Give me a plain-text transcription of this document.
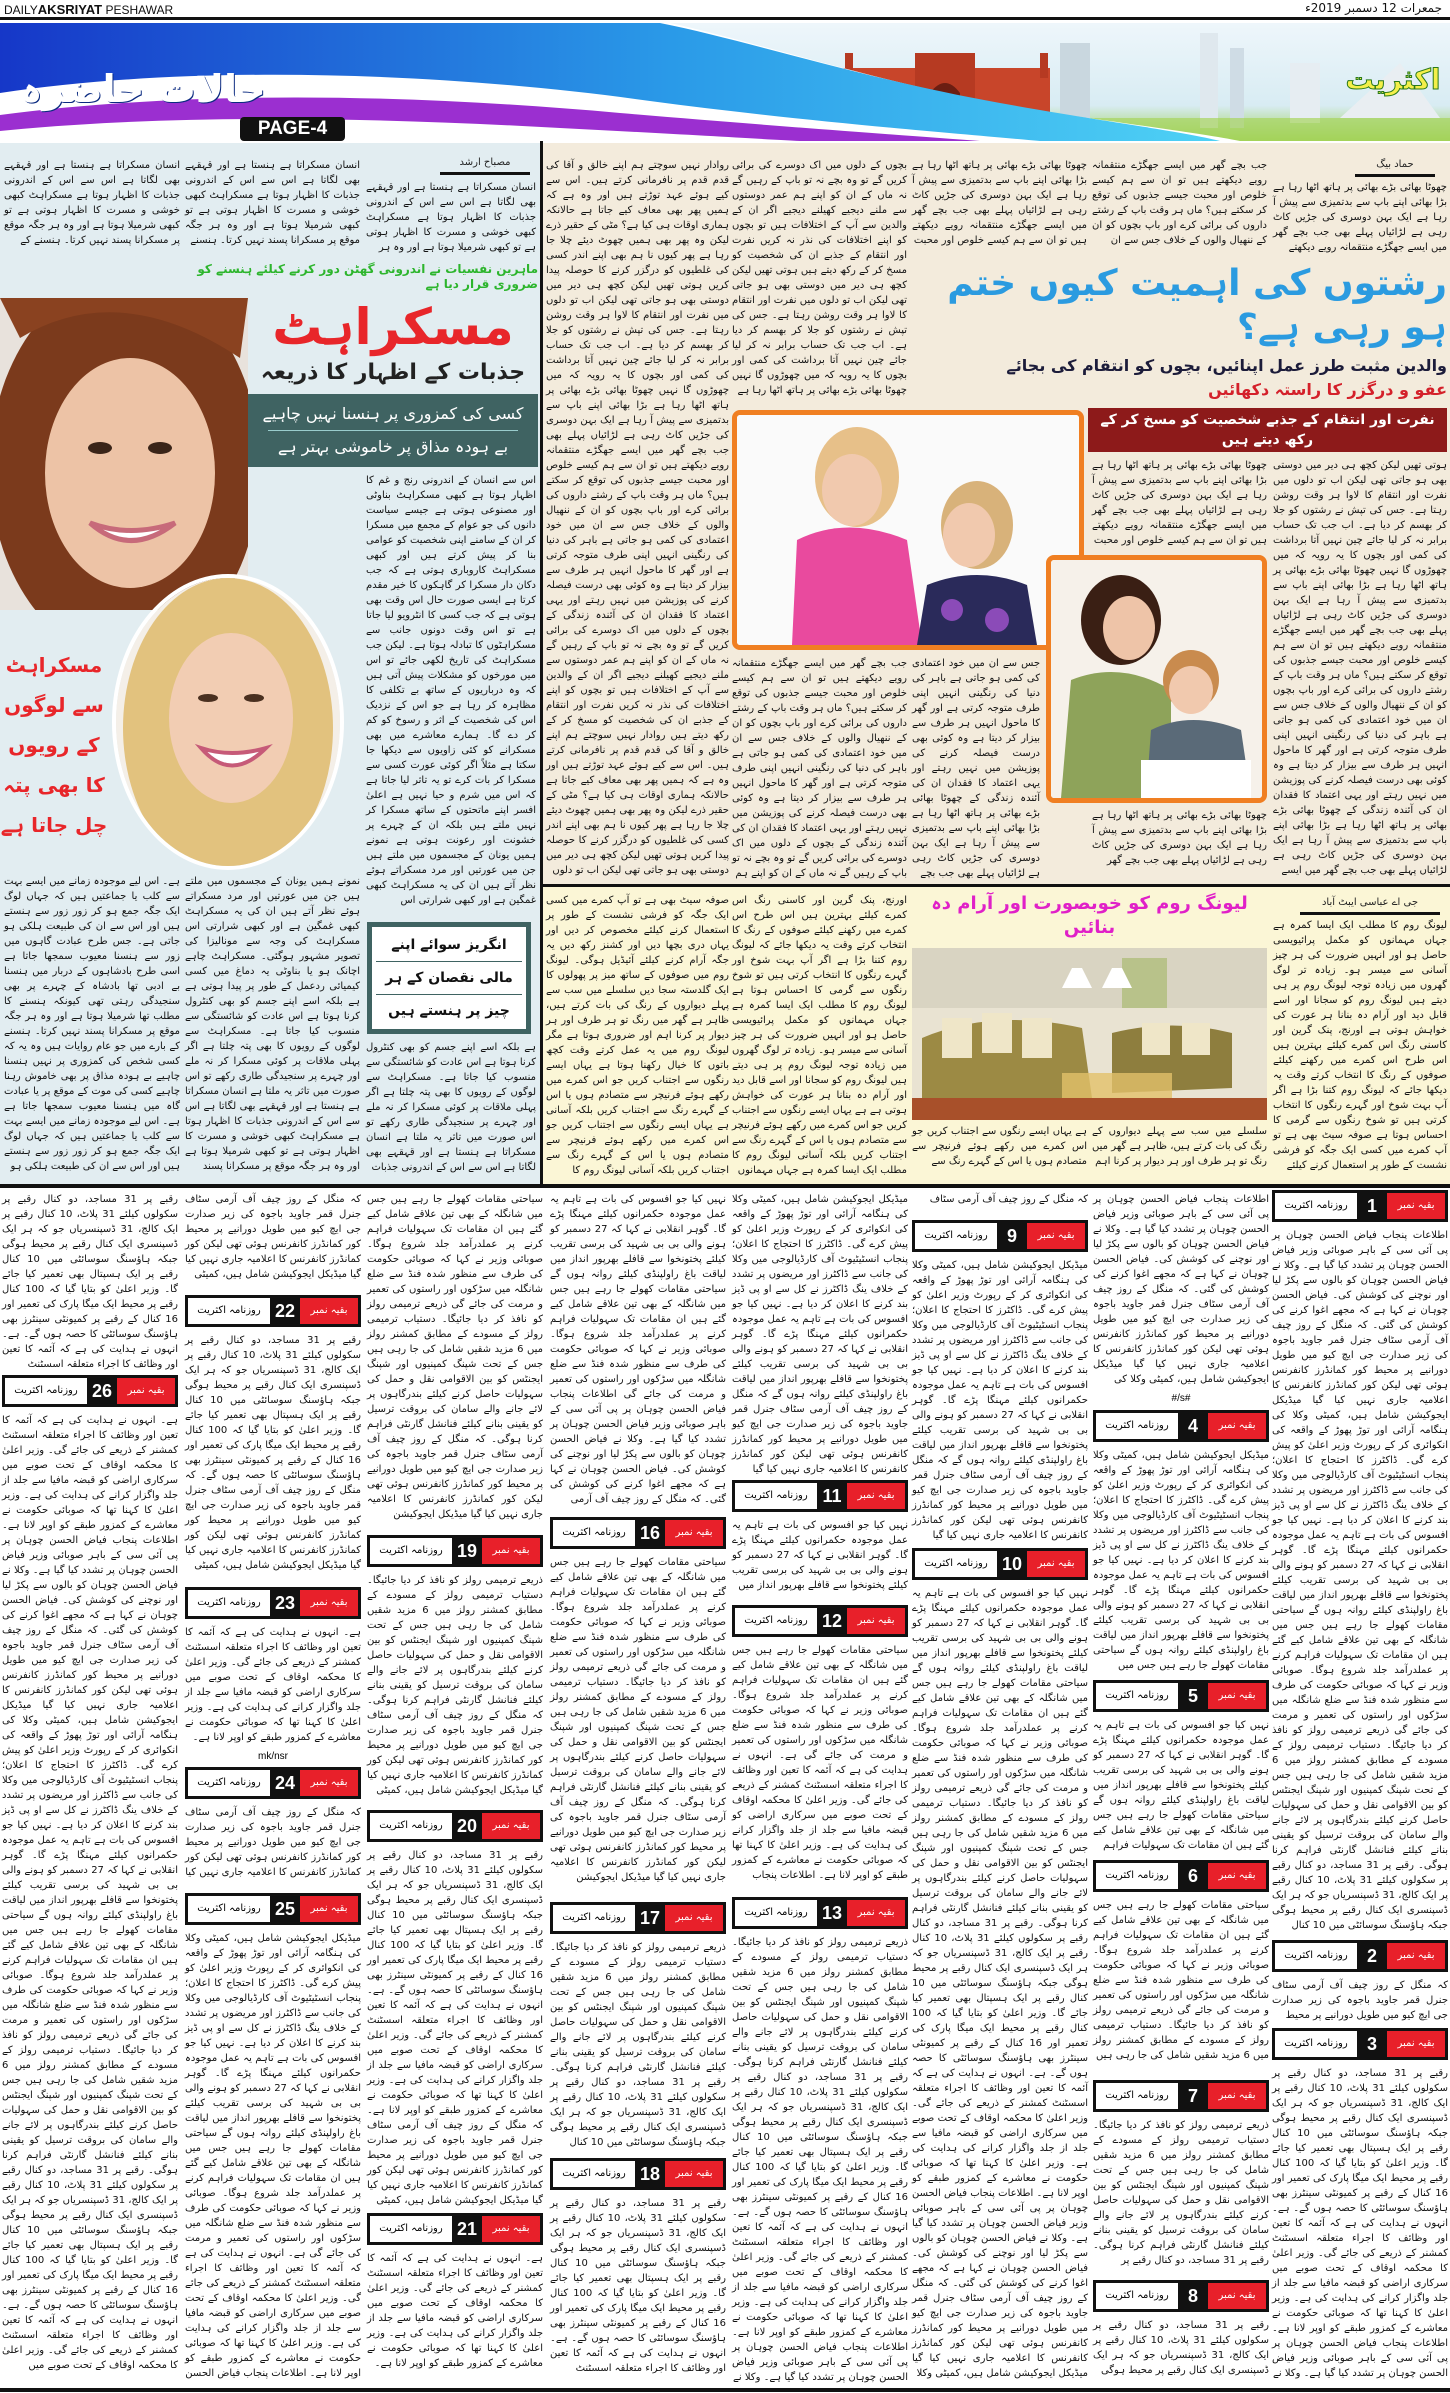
DAILYAKSRIYAT PESHAWAR	جمعرات 12 دسمبر 2019ء
حالات حاضرہ	اکثریت
PAGE-4
مصباح ارشد
ماہرین نفسیات نے اندرونی گھٹن دور کرنے کیلئے ہنسنے کو ضروری قرار دیا ہے
مسکراہٹ
جذبات کے اظہار کا ذریعہ
کسی کی کمزوری پر ہنسنا نہیں چاہیے
بے ہودہ مذاق پر خاموشی بہتر ہے
مسکراہٹ
سے لوگوں
کے رویوں
کا بھی پتہ
چل جاتا ہے
انگریز سوائے اپنے
مالی نقصان کے ہر
چیز پر ہنستے ہیں
حماد بیگ
رشتوں کی اہمیت کیوں ختم ہو رہی ہے؟
والدین مثبت طرز عمل اپنائیں، بچوں کو انتقام کی بجائے
عفو و درگزر کا راستہ دکھائیں
نفرت اور انتقام کے جذبے شخصیت کو مسخ کر کے رکھ دیتے ہیں
جی اے عباسی ایبٹ آباد
لیونگ روم کو خوبصورت اور آرام دہ بنائیں
اس سے انسان کے اندرونی رنج و غم کا اظہار ہوتا ہے کبھی مسکراہٹ بناوٹی اور مصنوعی ہوتی ہے جیسے سیاست دانوں کی جو عوام کے مجمع میں مسکرا کر ان کے سامنے اپنی شخصیت کو عوامی بنا کر پیش کرتے ہیں اور کبھی مسکراہٹ کاروباری ہوتی ہے کہ جب دکان دار مسکرا کر گاہکوں کا خیر مقدم کرتا ہے ایسی صورت حال اس وقت بھی ہوتی ہے کہ جب کسی کا انٹرویو لیا جاتا ہے تو اس وقت دونوں جانب سے مسکراہٹوں کا تبادلہ ہوتا ہے۔ لیکن جب مسکراہٹ کی تاریخ لکھی جائے تو اس میں مورخوں کو مشکلات پیش آتی ہیں کہ وہ درباریوں کے ساتھ بے تکلفی کا مظاہرہ کر رہا ہے جو اس کے نزدیک اس کی شخصیت کے اثر و رسوخ کو کم کر دے گا۔ ہمارے معاشرے میں بھی مسکرانے کو کئی زاویوں سے دیکھا جا سکتا ہے مثلاً اگر کوئی عورت کسی سے مسکرا کر بات کرے تو یہ تاثر لیا جاتا ہے کہ اس میں شرم و حیا نہیں ہے اعلیٰ افسر اپنے ماتحتوں کے ساتھ مسکرا کر نہیں ملتے ہیں بلکہ ان کے چہرے پر خشونت اور رعونت ہوتی ہے نمونے ہمیں یونان کے مجسموں میں ملتے ہیں جن میں عورتیں اور مرد مسکراتے ہوئے نظر آتے ہیں ان کی یہ مسکراہٹ کبھی غمگین ہے اور کبھی شرارتی اس
نمونے ہمیں یونان کے مجسموں میں ملتے ہیں جن میں عورتیں اور مرد مسکراتے ہوئے نظر آتے ہیں ان کی یہ مسکراہٹ کبھی غمگین ہے اور کبھی شرارتی اس مسکراہٹ کی وجہ سے مونالیزا کی تصویر مشہور ہوگئی۔ مسکراہٹ چاہے اچانک ہو یا بناوٹی یہ دماغ میں کسی کیمیائی ردعمل کے طور پر پیدا ہوتی ہے ہے بلکہ اسے اپنے جسم کو بھی کنٹرول کرنا ہوتا ہے اس عادت کو شائستگی سے منسوب کیا جاتا ہے۔ مسکراہٹ سے لوگوں کے رویوں کا بھی پتہ چلتا ہے اگر پہلی ملاقات پر کوئی مسکرا کر نہ ملے اور چہرے پر سنجیدگی طاری رکھے تو اس صورت میں تاثر یہ ملتا ہے انسان مسکراتا ہے ہنستا ہے اور قہقہے بھی لگاتا ہے اس سے اس کے اندرونی جذبات کا اظہار ہوتا ہے مسکراہٹ کبھی خوشی و مسرت کا اظہار ہوتی ہے تو کبھی شرمیلا ہوتا ہے اور وہ ہر جگہ موقع پر مسکرانا پسند
ہے۔ اس لیے موجودہ زمانے میں ایسے بہت سے کلب یا جماعتیں ہیں کہ جہاں لوگ ایک جگہ جمع ہو کر زور زور سے ہنستے ہیں اور اس سے ان کی طبیعت ہلکی ہو جاتی ہے۔ جس طرح عبادت گاہوں میں زور سے ہنسنا معیوب سمجھا جاتا ہے اسی طرح بادشاہوں کے دربار میں ہنسنا بے ادبی تھا بادشاہ کے چہرے پر بھی سنجیدگی رہتی تھی کیونکہ ہنسنے کا مطلب تھا شرمیلا ہوتا ہے اور وہ ہر جگہ موقع پر مسکرانا پسند نہیں کرتا۔ ہنسنے کے بارے میں جو عام روایات ہیں وہ یہ کہ کسی شخص کی کمزوری پر نہیں ہنسنا چاہیے بے ہودہ مذاق پر بھی خاموش رہنا چاہیے کسی کی موت کے موقع پر یا عبادت گاہ میں ہنسنا معیوب سمجھا جاتا ہے ہے۔ اس لیے موجودہ زمانے میں ایسے بہت سے کلب یا جماعتیں ہیں کہ جہاں لوگ ایک جگہ جمع ہو کر زور زور سے ہنستے ہیں اور اس سے ان کی طبیعت ہلکی ہو
ہے بلکہ اسے اپنے جسم کو بھی کنٹرول کرنا ہوتا ہے اس عادت کو شائستگی سے منسوب کیا جاتا ہے۔ مسکراہٹ سے لوگوں کے رویوں کا بھی پتہ چلتا ہے اگر پہلی ملاقات پر کوئی مسکرا کر نہ ملے اور چہرے پر سنجیدگی طاری رکھے تو اس صورت میں تاثر یہ ملتا ہے انسان مسکراتا ہے ہنستا ہے اور قہقہے بھی لگاتا ہے اس سے اس کے اندرونی جذبات
انسان مسکراتا ہے ہنستا ہے اور قہقہے بھی لگاتا ہے اس سے اس کے اندرونی جذبات کا اظہار ہوتا ہے مسکراہٹ کبھی خوشی و مسرت کا اظہار ہوتی ہے تو کبھی شرمیلا ہوتا ہے اور وہ ہر جگہ موقع پر مسکرانا پسند نہیں کرتا۔ ہنسنے
انسان مسکراتا ہے ہنستا ہے اور قہقہے بھی لگاتا ہے اس سے اس کے اندرونی جذبات کا اظہار ہوتا ہے مسکراہٹ کبھی خوشی و مسرت کا اظہار ہوتی ہے تو کبھی شرمیلا ہوتا ہے اور وہ ہر جگہ موقع پر مسکرانا پسند نہیں کرتا۔ ہنسنے کے
انسان مسکراتا ہے ہنستا ہے اور قہقہے بھی لگاتا ہے اس سے اس کے اندرونی جذبات کا اظہار ہوتا ہے مسکراہٹ کبھی خوشی و مسرت کا اظہار ہوتی ہے تو کبھی شرمیلا ہوتا ہے اور وہ ہر
روادار نہیں سوچتے ہم اپنے خالق و آقا کی قدم قدم پر نافرمانی کرتے ہیں۔ اس سے کیے ہوئے عہد توڑتے ہیں اور وہ ہے کہ ہمیں پھر بھی معاف کیے جاتا ہے حالانکہ ہماری اوقات ہی کیا ہے؟ مٹی کے حقیر ذرے لیکن وہ پھر بھی ہمیں چھوٹ دیئے چلا جا رہا ہے پھر کیوں نا ہم بھی اپنے اندر کسی کی غلطیوں کو درگزر کرنے کا حوصلہ پیدا کریں ہوتی تھیں لیکن کچھ ہی دیر میں دوستی بھی ہو جاتی تھی لیکن اب تو دلوں میں نفرت اور انتقام کا لاوا ہر وقت روشن رہتا ہے۔ جس کی تپش نے رشتوں کو جلا کر بھسم کر دیا ہے۔ اب جب تک حساب برابر نہ کر لیا جائے چین نہیں آتا برداشت کی کمی اور بچوں کا یہ رویہ کہ میں چھوڑوں گا نہیں چھوٹا بھائی بڑے بھائی پر ہاتھ اٹھا رہا ہے بڑا بھائی اپنے باپ سے بدتمیزی سے پیش آ رہا ہے ایک بہن دوسری کی جڑیں کاٹ رہی ہے لڑائیاں پہلے بھی جب بچے گھر میں ایسے جھگڑے منتقمانہ رویے دیکھتے ہیں تو ان سے ہم کیسے خلوص اور محبت جیسے جذبوں کی توقع کر سکتے ہیں؟ ماں ہر وقت باپ کے رشتے داروں کی برائی کرے اور باپ بچوں کو ان کے ننھیال والوں کے خلاف جس سے ان میں خود اعتمادی کی کمی ہو جاتی ہے باہر کی دنیا کی رنگینی انہیں اپنی طرف متوجہ کرتی ہے اور گھر کا ماحول انہیں ہر طرف سے بیزار کر دیتا ہے وہ کوئی بھی درست فیصلہ کرنے کی پوزیشن میں نہیں رہتے اور یہی اعتماد کا فقدان ان کی آئندہ زندگی کے بچوں کے دلوں میں اک دوسرے کی برائی کریں گے تو وہ بچے نہ تو باپ کے رہیں گے نہ ماں کے ان کو اپنے ہم عمر دوستوں سے ملنے دیجیے کھیلنے دیجیے اگر ان کے والدین سے آپ کے اختلافات ہیں تو بچوں کو اپنے اختلافات کی نذر نہ کریں نفرت اور انتقام کے جذبے ان کی شخصیت کو مسخ کر کے رکھ دیتے ہیں روادار نہیں سوچتے ہم اپنے خالق و آقا کی قدم قدم پر نافرمانی کرتے ہیں۔ اس سے کیے ہوئے عہد توڑتے ہیں اور وہ ہے کہ ہمیں پھر بھی معاف کیے جاتا ہے حالانکہ ہماری اوقات ہی کیا ہے؟ مٹی کے حقیر ذرے لیکن وہ پھر بھی ہمیں چھوٹ دیئے چلا جا رہا ہے پھر کیوں نا ہم بھی اپنے اندر کسی کی غلطیوں کو درگزر کرنے کا حوصلہ پیدا کریں ہوتی تھیں لیکن کچھ ہی دیر میں دوستی بھی ہو جاتی تھی لیکن اب تو دلوں
ہوتی تھیں لیکن کچھ ہی دیر میں دوستی بھی ہو جاتی تھی لیکن اب تو دلوں میں نفرت اور انتقام کا لاوا ہر وقت روشن رہتا ہے۔ جس کی تپش نے رشتوں کو جلا کر بھسم کر دیا ہے۔ اب جب تک حساب برابر نہ کر لیا جائے چین نہیں آتا برداشت کی کمی اور بچوں کا یہ رویہ کہ میں چھوڑوں گا نہیں چھوٹا بھائی بڑے بھائی پر ہاتھ اٹھا رہا ہے بڑا بھائی اپنے باپ سے بدتمیزی سے پیش آ رہا ہے ایک بہن دوسری کی جڑیں کاٹ رہی ہے لڑائیاں پہلے بھی جب بچے گھر میں ایسے جھگڑے منتقمانہ رویے دیکھتے ہیں تو ان سے ہم کیسے خلوص اور محبت جیسے جذبوں کی توقع کر سکتے ہیں؟ ماں ہر وقت باپ کے رشتے داروں کی برائی کرے اور باپ بچوں کو ان کے ننھیال والوں کے خلاف جس سے ان میں خود اعتمادی کی کمی ہو جاتی ہے باہر کی دنیا کی رنگینی انہیں اپنی طرف متوجہ کرتی ہے اور گھر کا ماحول انہیں ہر طرف سے بیزار کر دیتا ہے وہ کوئی بھی درست فیصلہ کرنے کی پوزیشن میں نہیں رہتے اور یہی اعتماد کا فقدان ان کی آئندہ زندگی کے چھوٹا بھائی بڑے بھائی پر ہاتھ اٹھا رہا ہے بڑا بھائی اپنے باپ سے بدتمیزی سے پیش آ رہا ہے ایک بہن دوسری کی جڑیں کاٹ رہی ہے لڑائیاں پہلے بھی جب بچے گھر میں ایسے
بچوں کے دلوں میں اک دوسرے کی برائی کریں گے تو وہ بچے نہ تو باپ کے رہیں گے نہ ماں کے ان کو اپنے ہم عمر دوستوں سے ملنے دیجیے کھیلنے دیجیے اگر ان کے والدین سے آپ کے اختلافات ہیں تو بچوں کو اپنے اختلافات کی نذر نہ کریں نفرت اور انتقام کے جذبے ان کی شخصیت کو مسخ کر کے رکھ دیتے ہیں ہوتی تھیں لیکن کچھ ہی دیر میں دوستی بھی ہو جاتی تھی لیکن اب تو دلوں میں نفرت اور انتقام کا لاوا ہر وقت روشن رہتا ہے۔ جس کی تپش نے رشتوں کو جلا کر بھسم کر دیا ہے۔ اب جب تک حساب برابر نہ کر لیا جائے چین نہیں آتا برداشت کی کمی اور بچوں کا یہ رویہ کہ میں چھوڑوں گا نہیں چھوٹا بھائی بڑے بھائی پر ہاتھ اٹھا رہا ہے
جب بچے گھر میں ایسے جھگڑے منتقمانہ رویے دیکھتے ہیں تو ان سے ہم کیسے خلوص اور محبت جیسے جذبوں کی توقع کر سکتے ہیں؟ ماں ہر وقت باپ کے رشتے داروں کی برائی کرے اور باپ بچوں کو ان کے ننھیال والوں کے خلاف جس سے ان میں خود اعتمادی کی کمی ہو جاتی ہے باہر کی دنیا کی رنگینی انہیں اپنی طرف متوجہ کرتی ہے اور گھر کا ماحول انہیں ہر طرف سے بیزار کر دیتا ہے وہ کوئی بھی درست فیصلہ کرنے کی پوزیشن میں نہیں رہتے اور یہی اعتماد کا فقدان ان کی آئندہ زندگی کے بچوں کے دلوں میں اک دوسرے کی برائی کریں گے تو وہ بچے نہ تو باپ کے رہیں گے نہ ماں کے ان کو اپنے ہم
جس سے ان میں خود اعتمادی کی کمی ہو جاتی ہے باہر کی دنیا کی رنگینی انہیں اپنی طرف متوجہ کرتی ہے اور گھر کا ماحول انہیں ہر طرف سے بیزار کر دیتا ہے وہ کوئی بھی درست فیصلہ کرنے کی پوزیشن میں نہیں رہتے اور یہی اعتماد کا فقدان ان کی آئندہ زندگی کے چھوٹا بھائی بڑے بھائی پر ہاتھ اٹھا رہا ہے بڑا بھائی اپنے باپ سے بدتمیزی سے پیش آ رہا ہے ایک بہن دوسری کی جڑیں کاٹ رہی ہے لڑائیاں پہلے بھی جب بچے
چھوٹا بھائی بڑے بھائی پر ہاتھ اٹھا رہا ہے بڑا بھائی اپنے باپ سے بدتمیزی سے پیش آ رہا ہے ایک بہن دوسری کی جڑیں کاٹ رہی ہے لڑائیاں پہلے بھی جب بچے گھر میں ایسے جھگڑے منتقمانہ رویے دیکھتے ہیں تو ان سے ہم کیسے خلوص اور محبت
چھوٹا بھائی بڑے بھائی پر ہاتھ اٹھا رہا ہے بڑا بھائی اپنے باپ سے بدتمیزی سے پیش آ رہا ہے ایک بہن دوسری کی جڑیں کاٹ رہی ہے لڑائیاں پہلے بھی جب بچے گھر
چھوٹا بھائی بڑے بھائی پر ہاتھ اٹھا رہا ہے بڑا بھائی اپنے باپ سے بدتمیزی سے پیش آ رہا ہے ایک بہن دوسری کی جڑیں کاٹ رہی ہے لڑائیاں پہلے بھی جب بچے گھر میں ایسے جھگڑے منتقمانہ رویے دیکھتے ہیں تو ان سے ہم کیسے خلوص اور محبت
جب بچے گھر میں ایسے جھگڑے منتقمانہ رویے دیکھتے ہیں تو ان سے ہم کیسے خلوص اور محبت جیسے جذبوں کی توقع کر سکتے ہیں؟ ماں ہر وقت باپ کے رشتے داروں کی برائی کرے اور باپ بچوں کو ان کے ننھیال والوں کے خلاف جس سے ان
چھوٹا بھائی بڑے بھائی پر ہاتھ اٹھا رہا ہے بڑا بھائی اپنے باپ سے بدتمیزی سے پیش آ رہا ہے ایک بہن دوسری کی جڑیں کاٹ رہی ہے لڑائیاں پہلے بھی جب بچے گھر میں ایسے جھگڑے منتقمانہ رویے دیکھتے
صوفہ سیٹ بھی ہے تو آپ کمرے میں کسی ایک جگہ کو فرشی نشست کے طور پر استعمال کرنے کیلئے مخصوص کر دیں اور یہاں دری بچھا دیں اور کشنز رکھ دیں یہ جگہ آرام کرنے کیلئے آئیڈیل ہوگی۔ لیونگ روم میں صوفوں کے ساتھ میز پر پھولوں کا ایک گلدستہ سجا دیں سلسلے میں سب سے پہلے دیواروں کے رنگ کی بات کرتے ہیں، ظاہر ہے گھر میں رنگ تو ہر طرف اور ہر دیوار پر کرنا اہم اور ضروری ہوتا ہے مگر لیونگ روم میں یہ عمل کرتے وقت کچھ باتوں کا خیال رکھنا ہوتا ہے یہاں ایسے رنگوں سے اجتناب کریں جو اس کمرے میں رکھے ہوئے فرنیچر سے متصادم ہوں یا اس کے گہرے رنگ سے اجتناب کریں بلکہ آسانی ہے یہاں ایسے رنگوں سے اجتناب کریں جو اس کمرے میں رکھے ہوئے فرنیچر سے متصادم ہوں یا اس کے گہرے رنگ سے اجتناب کریں بلکہ آسانی لیونگ روم کا
اورنج، پنک گرین اور کاسنی رنگ اس کمرے کیلئے بہترین ہیں اس طرح اس کمرے میں رکھنے کیلئے صوفوں کے رنگ کا انتخاب کرتے وقت یہ دیکھا جائے کہ لیونگ روم کتنا بڑا ہے اگر آپ بہت شوخ اور گہرے رنگوں کا انتخاب کرتی ہیں تو شوخ رنگوں سے گرمی کا احساس ہوتا ہے لیونگ روم کا مطلب ایک ایسا کمرہ ہے جہاں مہمانوں کو مکمل پرائیویسی حاصل ہو اور انہیں ضرورت کی ہر چیز آسانی سے میسر ہو۔ زیادہ تر لوگ گھروں میں زیادہ توجہ لیونگ روم پر ہی دیتے ہیں لیونگ روم کو سجانا اور اسے قابل دید اور آرام دہ بنانا ہر عورت کی خواہش ہوتی ہے ہے یہاں ایسے رنگوں سے اجتناب کریں جو اس کمرے میں رکھے ہوئے فرنیچر سے متصادم ہوں یا اس کے گہرے رنگ سے اجتناب کریں بلکہ آسانی لیونگ روم کا مطلب ایک ایسا کمرہ ہے جہاں مہمانوں
لیونگ روم کا مطلب ایک ایسا کمرہ ہے جہاں مہمانوں کو مکمل پرائیویسی حاصل ہو اور انہیں ضرورت کی ہر چیز آسانی سے میسر ہو۔ زیادہ تر لوگ گھروں میں زیادہ توجہ لیونگ روم پر ہی دیتے ہیں لیونگ روم کو سجانا اور اسے قابل دید اور آرام دہ بنانا ہر عورت کی خواہش ہوتی ہے اورنج، پنک گرین اور کاسنی رنگ اس کمرے کیلئے بہترین ہیں اس طرح اس کمرے میں رکھنے کیلئے صوفوں کے رنگ کا انتخاب کرتے وقت یہ دیکھا جائے کہ لیونگ روم کتنا بڑا ہے اگر آپ بہت شوخ اور گہرے رنگوں کا انتخاب کرتی ہیں تو شوخ رنگوں سے گرمی کا احساس ہوتا ہے صوفہ سیٹ بھی ہے تو آپ کمرے میں کسی ایک جگہ کو فرشی نشست کے طور پر استعمال کرنے کیلئے
سلسلے میں سب سے پہلے دیواروں کے رنگ کی بات کرتے ہیں، ظاہر ہے گھر میں رنگ تو ہر طرف اور ہر دیوار پر کرنا اہم
ہے یہاں ایسے رنگوں سے اجتناب کریں جو اس کمرے میں رکھے ہوئے فرنیچر سے متصادم ہوں یا اس کے گہرے رنگ سے
روزنامہ اکثریت	1	بقیہ نمبر
اطلاعات پنجاب فیاض الحسن چوہان پر پی آئی سی کے باہر صوبائی وزیر فیاض الحسن چوہان پر تشدد کیا گیا ہے۔ وکلا نے فیاض الحسن چوہان کو بالوں سے پکڑ لیا اور نوچنے کی کوشش کی۔ فیاض الحسن چوہان نے کہا ہے کہ مجھے اغوا کرنے کی کوشش کی گئی۔ کہ منگل کے روز چیف آف آرمی سٹاف جنرل قمر جاوید باجوہ کی زیر صدارت جی ایچ کیو میں طویل دورانیے پر محیط کور کمانڈرز کانفرنس ہوئی تھی لیکن کور کمانڈرز کانفرنس کا اعلامیہ جاری نہیں کیا گیا میڈیکل ایجوکیشن شامل ہیں، کمیٹی وکلا کی ہنگامہ آرائی اور توڑ پھوڑ کے واقعہ کی انکوائری کر کے رپورٹ وزیر اعلیٰ کو پیش کرے گی۔ ڈاکٹرز کا احتجاج کا اعلان؛ پنجاب انسٹیٹیوٹ آف کارڈیالوجی میں وکلا کی جانب سے ڈاکٹرز اور مریضوں پر تشدد کے خلاف ینگ ڈاکٹرز نے کل سے او پی ڈیز بند کرنے کا اعلان کر دیا ہے۔ نہیں کیا جو افسوس کی بات ہے تاہم یہ عمل موجودہ حکمرانوں کیلئے مہنگا پڑے گا۔ گوہر انقلابی نے کہا کہ 27 دسمبر کو ہونے والی بی بی شہید کی برسی تقریب کیلئے پختونخوا سے قافلے بھرپور انداز میں لیاقت باغ راولپنڈی کیلئے روانہ ہوں گے سیاحتی مقامات کھولے جا رہے ہیں جس میں شانگلہ کے بھی تین علاقے شامل کیے گئے ہیں ان مقامات تک سہولیات فراہم کرنے پر عملدرآمد جلد شروع ہوگا۔ صوبائی وزیر نے کہا کہ صوبائی حکومت کی طرف سے منظور شدہ فنڈ سے ضلع شانگلہ میں سڑکوں اور راستوں کی تعمیر و مرمت کی جائے گی ذریعے ترمیمی رولز کو نافذ کر دیا جائیگا۔ دستیاب ترمیمی رولز کے مسودے کے مطابق کمشنر رولز میں 6 مزید شقیں شامل کی جا رہی ہیں جس کے تحت شپنگ کمپنیوں اور شپنگ ایجنٹس کو بین الاقوامی نقل و حمل کی سہولیات حاصل کرنے کیلئے بندرگاہوں پر لائے جانے والے سامان کی بروقت ترسیل کو یقینی بنانے کیلئے فنانشل گارنٹی فراہم کرنا ہوگی۔ رقبے پر 31 مساجد، دو کنال رقبے پر سکولوں کیلئے 31 پلاٹ، 10 کنال رقبے پر ایک کالج، 31 ڈسپنسریاں جو کہ ہر ایک ڈسپنسری ایک کنال رقبے پر محیط ہوگی جبکہ ہاؤسنگ سوسائٹی میں 10 کنال
روزنامہ اکثریت	2	بقیہ نمبر
کہ منگل کے روز چیف آف آرمی سٹاف جنرل قمر جاوید باجوہ کی زیر صدارت جی ایچ کیو میں طویل دورانیے پر محیط
روزنامہ اکثریت	3	بقیہ نمبر
رقبے پر 31 مساجد، دو کنال رقبے پر سکولوں کیلئے 31 پلاٹ، 10 کنال رقبے پر ایک کالج، 31 ڈسپنسریاں جو کہ ہر ایک ڈسپنسری ایک کنال رقبے پر محیط ہوگی جبکہ ہاؤسنگ سوسائٹی میں 10 کنال رقبے پر ایک ہسپتال بھی تعمیر کیا جائے گا۔ وزیر اعلیٰ کو بتایا گیا کہ 100 کنال رقبے پر محیط ایک میگا پارک کی تعمیر اور 16 کنال کے رقبے پر کمیونٹی سینٹرز بھی ہاؤسنگ سوسائٹی کا حصہ ہوں گے۔ ہے۔ انہوں نے ہدایت کی ہے کہ آئمہ کا تعین اور وظائف کا اجراء متعلقہ اسسٹنٹ کمشنر کے ذریعے کی جائے گی۔ وزیر اعلیٰ کا محکمہ اوقاف کے تحت صوبے میں سرکاری اراضی کو قبضہ مافیا سے جلد از جلد واگزار کرانے کی ہدایت کی ہے۔ وزیر اعلیٰ کا کہنا تھا کہ صوبائی حکومت نے معاشرے کے کمزور طبقے کو اوپر لانا ہے۔ اطلاعات پنجاب فیاض الحسن چوہان پر پی آئی سی کے باہر صوبائی وزیر فیاض الحسن چوہان پر تشدد کیا گیا ہے۔ وکلا نے
اطلاعات پنجاب فیاض الحسن چوہان پر پی آئی سی کے باہر صوبائی وزیر فیاض الحسن چوہان پر تشدد کیا گیا ہے۔ وکلا نے فیاض الحسن چوہان کو بالوں سے پکڑ لیا اور نوچنے کی کوشش کی۔ فیاض الحسن چوہان نے کہا ہے کہ مجھے اغوا کرنے کی کوشش کی گئی۔ کہ منگل کے روز چیف آف آرمی سٹاف جنرل قمر جاوید باجوہ کی زیر صدارت جی ایچ کیو میں طویل دورانیے پر محیط کور کمانڈرز کانفرنس ہوئی تھی لیکن کور کمانڈرز کانفرنس کا اعلامیہ جاری نہیں کیا گیا میڈیکل ایجوکیشن شامل ہیں، کمیٹی وکلا کی
#/s#
روزنامہ اکثریت	4	بقیہ نمبر
میڈیکل ایجوکیشن شامل ہیں، کمیٹی وکلا کی ہنگامہ آرائی اور توڑ پھوڑ کے واقعہ کی انکوائری کر کے رپورٹ وزیر اعلیٰ کو پیش کرے گی۔ ڈاکٹرز کا احتجاج کا اعلان؛ پنجاب انسٹیٹیوٹ آف کارڈیالوجی میں وکلا کی جانب سے ڈاکٹرز اور مریضوں پر تشدد کے خلاف ینگ ڈاکٹرز نے کل سے او پی ڈیز بند کرنے کا اعلان کر دیا ہے۔ نہیں کیا جو افسوس کی بات ہے تاہم یہ عمل موجودہ حکمرانوں کیلئے مہنگا پڑے گا۔ گوہر انقلابی نے کہا کہ 27 دسمبر کو ہونے والی بی بی شہید کی برسی تقریب کیلئے پختونخوا سے قافلے بھرپور انداز میں لیاقت باغ راولپنڈی کیلئے روانہ ہوں گے سیاحتی مقامات کھولے جا رہے ہیں جس میں
روزنامہ اکثریت	5	بقیہ نمبر
نہیں کیا جو افسوس کی بات ہے تاہم یہ عمل موجودہ حکمرانوں کیلئے مہنگا پڑے گا۔ گوہر انقلابی نے کہا کہ 27 دسمبر کو ہونے والی بی بی شہید کی برسی تقریب کیلئے پختونخوا سے قافلے بھرپور انداز میں لیاقت باغ راولپنڈی کیلئے روانہ ہوں گے سیاحتی مقامات کھولے جا رہے ہیں جس میں شانگلہ کے بھی تین علاقے شامل کیے گئے ہیں ان مقامات تک سہولیات فراہم
روزنامہ اکثریت	6	بقیہ نمبر
سیاحتی مقامات کھولے جا رہے ہیں جس میں شانگلہ کے بھی تین علاقے شامل کیے گئے ہیں ان مقامات تک سہولیات فراہم کرنے پر عملدرآمد جلد شروع ہوگا۔ صوبائی وزیر نے کہا کہ صوبائی حکومت کی طرف سے منظور شدہ فنڈ سے ضلع شانگلہ میں سڑکوں اور راستوں کی تعمیر و مرمت کی جائے گی ذریعے ترمیمی رولز کو نافذ کر دیا جائیگا۔ دستیاب ترمیمی رولز کے مسودے کے مطابق کمشنر رولز میں 6 مزید شقیں شامل کی جا رہی ہیں
روزنامہ اکثریت	7	بقیہ نمبر
ذریعے ترمیمی رولز کو نافذ کر دیا جائیگا۔ دستیاب ترمیمی رولز کے مسودے کے مطابق کمشنر رولز میں 6 مزید شقیں شامل کی جا رہی ہیں جس کے تحت شپنگ کمپنیوں اور شپنگ ایجنٹس کو بین الاقوامی نقل و حمل کی سہولیات حاصل کرنے کیلئے بندرگاہوں پر لائے جانے والے سامان کی بروقت ترسیل کو یقینی بنانے کیلئے فنانشل گارنٹی فراہم کرنا ہوگی۔ رقبے پر 31 مساجد، دو کنال رقبے پر
روزنامہ اکثریت	8	بقیہ نمبر
رقبے پر 31 مساجد، دو کنال رقبے پر سکولوں کیلئے 31 پلاٹ، 10 کنال رقبے پر ایک کالج، 31 ڈسپنسریاں جو کہ ہر ایک ڈسپنسری ایک کنال رقبے پر محیط ہوگی
کہ منگل کے روز چیف آف آرمی سٹاف
روزنامہ اکثریت	9	بقیہ نمبر
میڈیکل ایجوکیشن شامل ہیں، کمیٹی وکلا کی ہنگامہ آرائی اور توڑ پھوڑ کے واقعہ کی انکوائری کر کے رپورٹ وزیر اعلیٰ کو پیش کرے گی۔ ڈاکٹرز کا احتجاج کا اعلان؛ پنجاب انسٹیٹیوٹ آف کارڈیالوجی میں وکلا کی جانب سے ڈاکٹرز اور مریضوں پر تشدد کے خلاف ینگ ڈاکٹرز نے کل سے او پی ڈیز بند کرنے کا اعلان کر دیا ہے۔ نہیں کیا جو افسوس کی بات ہے تاہم یہ عمل موجودہ حکمرانوں کیلئے مہنگا پڑے گا۔ گوہر انقلابی نے کہا کہ 27 دسمبر کو ہونے والی بی بی شہید کی برسی تقریب کیلئے پختونخوا سے قافلے بھرپور انداز میں لیاقت باغ راولپنڈی کیلئے روانہ ہوں گے کہ منگل کے روز چیف آف آرمی سٹاف جنرل قمر جاوید باجوہ کی زیر صدارت جی ایچ کیو میں طویل دورانیے پر محیط کور کمانڈرز کانفرنس ہوئی تھی لیکن کور کمانڈرز کانفرنس کا اعلامیہ جاری نہیں کیا گیا
روزنامہ اکثریت 10	بقیہ نمبر
نہیں کیا جو افسوس کی بات ہے تاہم یہ عمل موجودہ حکمرانوں کیلئے مہنگا پڑے گا۔ گوہر انقلابی نے کہا کہ 27 دسمبر کو ہونے والی بی بی شہید کی برسی تقریب کیلئے پختونخوا سے قافلے بھرپور انداز میں لیاقت باغ راولپنڈی کیلئے روانہ ہوں گے سیاحتی مقامات کھولے جا رہے ہیں جس میں شانگلہ کے بھی تین علاقے شامل کیے گئے ہیں ان مقامات تک سہولیات فراہم کرنے پر عملدرآمد جلد شروع ہوگا۔ صوبائی وزیر نے کہا کہ صوبائی حکومت کی طرف سے منظور شدہ فنڈ سے ضلع شانگلہ میں سڑکوں اور راستوں کی تعمیر و مرمت کی جائے گی ذریعے ترمیمی رولز کو نافذ کر دیا جائیگا۔ دستیاب ترمیمی رولز کے مسودے کے مطابق کمشنر رولز میں 6 مزید شقیں شامل کی جا رہی ہیں جس کے تحت شپنگ کمپنیوں اور شپنگ ایجنٹس کو بین الاقوامی نقل و حمل کی سہولیات حاصل کرنے کیلئے بندرگاہوں پر لائے جانے والے سامان کی بروقت ترسیل کو یقینی بنانے کیلئے فنانشل گارنٹی فراہم کرنا ہوگی۔ رقبے پر 31 مساجد، دو کنال رقبے پر سکولوں کیلئے 31 پلاٹ، 10 کنال رقبے پر ایک کالج، 31 ڈسپنسریاں جو کہ ہر ایک ڈسپنسری ایک کنال رقبے پر محیط ہوگی جبکہ ہاؤسنگ سوسائٹی میں 10 کنال رقبے پر ایک ہسپتال بھی تعمیر کیا جائے گا۔ وزیر اعلیٰ کو بتایا گیا کہ 100 کنال رقبے پر محیط ایک میگا پارک کی تعمیر اور 16 کنال کے رقبے پر کمیونٹی سینٹرز بھی ہاؤسنگ سوسائٹی کا حصہ ہوں گے۔ ہے۔ انہوں نے ہدایت کی ہے کہ آئمہ کا تعین اور وظائف کا اجراء متعلقہ اسسٹنٹ کمشنر کے ذریعے کی جائے گی۔ وزیر اعلیٰ کا محکمہ اوقاف کے تحت صوبے میں سرکاری اراضی کو قبضہ مافیا سے جلد از جلد واگزار کرانے کی ہدایت کی ہے۔ وزیر اعلیٰ کا کہنا تھا کہ صوبائی حکومت نے معاشرے کے کمزور طبقے کو اوپر لانا ہے۔ اطلاعات پنجاب فیاض الحسن چوہان پر پی آئی سی کے باہر صوبائی وزیر فیاض الحسن چوہان پر تشدد کیا گیا ہے۔ وکلا نے فیاض الحسن چوہان کو بالوں سے پکڑ لیا اور نوچنے کی کوشش کی۔ فیاض الحسن چوہان نے کہا ہے کہ مجھے اغوا کرنے کی کوشش کی گئی۔ کہ منگل کے روز چیف آف آرمی سٹاف جنرل قمر جاوید باجوہ کی زیر صدارت جی ایچ کیو میں طویل دورانیے پر محیط کور کمانڈرز کانفرنس ہوئی تھی لیکن کور کمانڈرز کانفرنس کا اعلامیہ جاری نہیں کیا گیا میڈیکل ایجوکیشن شامل ہیں، کمیٹی وکلا
میڈیکل ایجوکیشن شامل ہیں، کمیٹی وکلا کی ہنگامہ آرائی اور توڑ پھوڑ کے واقعہ کی انکوائری کر کے رپورٹ وزیر اعلیٰ کو پیش کرے گی۔ ڈاکٹرز کا احتجاج کا اعلان؛ پنجاب انسٹیٹیوٹ آف کارڈیالوجی میں وکلا کی جانب سے ڈاکٹرز اور مریضوں پر تشدد کے خلاف ینگ ڈاکٹرز نے کل سے او پی ڈیز بند کرنے کا اعلان کر دیا ہے۔ نہیں کیا جو افسوس کی بات ہے تاہم یہ عمل موجودہ حکمرانوں کیلئے مہنگا پڑے گا۔ گوہر انقلابی نے کہا کہ 27 دسمبر کو ہونے والی بی بی شہید کی برسی تقریب کیلئے پختونخوا سے قافلے بھرپور انداز میں لیاقت باغ راولپنڈی کیلئے روانہ ہوں گے کہ منگل کے روز چیف آف آرمی سٹاف جنرل قمر جاوید باجوہ کی زیر صدارت جی ایچ کیو میں طویل دورانیے پر محیط کور کمانڈرز کانفرنس ہوئی تھی لیکن کور کمانڈرز کانفرنس کا اعلامیہ جاری نہیں کیا گیا
روزنامہ اکثریت 11	بقیہ نمبر
نہیں کیا جو افسوس کی بات ہے تاہم یہ عمل موجودہ حکمرانوں کیلئے مہنگا پڑے گا۔ گوہر انقلابی نے کہا کہ 27 دسمبر کو ہونے والی بی بی شہید کی برسی تقریب کیلئے پختونخوا سے قافلے بھرپور انداز میں
روزنامہ اکثریت 12	بقیہ نمبر
سیاحتی مقامات کھولے جا رہے ہیں جس میں شانگلہ کے بھی تین علاقے شامل کیے گئے ہیں ان مقامات تک سہولیات فراہم کرنے پر عملدرآمد جلد شروع ہوگا۔ صوبائی وزیر نے کہا کہ صوبائی حکومت کی طرف سے منظور شدہ فنڈ سے ضلع شانگلہ میں سڑکوں اور راستوں کی تعمیر و مرمت کی جائے گی ہے۔ انہوں نے ہدایت کی ہے کہ آئمہ کا تعین اور وظائف کا اجراء متعلقہ اسسٹنٹ کمشنر کے ذریعے کی جائے گی۔ وزیر اعلیٰ کا محکمہ اوقاف کے تحت صوبے میں سرکاری اراضی کو قبضہ مافیا سے جلد از جلد واگزار کرانے کی ہدایت کی ہے۔ وزیر اعلیٰ کا کہنا تھا کہ صوبائی حکومت نے معاشرے کے کمزور طبقے کو اوپر لانا ہے۔ اطلاعات پنجاب
روزنامہ اکثریت 13	بقیہ نمبر
ذریعے ترمیمی رولز کو نافذ کر دیا جائیگا۔ دستیاب ترمیمی رولز کے مسودے کے مطابق کمشنر رولز میں 6 مزید شقیں شامل کی جا رہی ہیں جس کے تحت شپنگ کمپنیوں اور شپنگ ایجنٹس کو بین الاقوامی نقل و حمل کی سہولیات حاصل کرنے کیلئے بندرگاہوں پر لائے جانے والے سامان کی بروقت ترسیل کو یقینی بنانے کیلئے فنانشل گارنٹی فراہم کرنا ہوگی۔ رقبے پر 31 مساجد، دو کنال رقبے پر سکولوں کیلئے 31 پلاٹ، 10 کنال رقبے پر ایک کالج، 31 ڈسپنسریاں جو کہ ہر ایک ڈسپنسری ایک کنال رقبے پر محیط ہوگی جبکہ ہاؤسنگ سوسائٹی میں 10 کنال رقبے پر ایک ہسپتال بھی تعمیر کیا جائے گا۔ وزیر اعلیٰ کو بتایا گیا کہ 100 کنال رقبے پر محیط ایک میگا پارک کی تعمیر اور 16 کنال کے رقبے پر کمیونٹی سینٹرز بھی ہاؤسنگ سوسائٹی کا حصہ ہوں گے۔ ہے۔ انہوں نے ہدایت کی ہے کہ آئمہ کا تعین اور وظائف کا اجراء متعلقہ اسسٹنٹ کمشنر کے ذریعے کی جائے گی۔ وزیر اعلیٰ کا محکمہ اوقاف کے تحت صوبے میں سرکاری اراضی کو قبضہ مافیا سے جلد از جلد واگزار کرانے کی ہدایت کی ہے۔ وزیر اعلیٰ کا کہنا تھا کہ صوبائی حکومت نے معاشرے کے کمزور طبقے کو اوپر لانا ہے۔ اطلاعات پنجاب فیاض الحسن چوہان پر پی آئی سی کے باہر صوبائی وزیر فیاض الحسن چوہان پر تشدد کیا گیا ہے۔ وکلا نے
نہیں کیا جو افسوس کی بات ہے تاہم یہ عمل موجودہ حکمرانوں کیلئے مہنگا پڑے گا۔ گوہر انقلابی نے کہا کہ 27 دسمبر کو ہونے والی بی بی شہید کی برسی تقریب کیلئے پختونخوا سے قافلے بھرپور انداز میں لیاقت باغ راولپنڈی کیلئے روانہ ہوں گے سیاحتی مقامات کھولے جا رہے ہیں جس میں شانگلہ کے بھی تین علاقے شامل کیے گئے ہیں ان مقامات تک سہولیات فراہم کرنے پر عملدرآمد جلد شروع ہوگا۔ صوبائی وزیر نے کہا کہ صوبائی حکومت کی طرف سے منظور شدہ فنڈ سے ضلع شانگلہ میں سڑکوں اور راستوں کی تعمیر و مرمت کی جائے گی اطلاعات پنجاب فیاض الحسن چوہان پر پی آئی سی کے باہر صوبائی وزیر فیاض الحسن چوہان پر تشدد کیا گیا ہے۔ وکلا نے فیاض الحسن چوہان کو بالوں سے پکڑ لیا اور نوچنے کی کوشش کی۔ فیاض الحسن چوہان نے کہا ہے کہ مجھے اغوا کرنے کی کوشش کی گئی۔ کہ منگل کے روز چیف آف آرمی
روزنامہ اکثریت 16	بقیہ نمبر
سیاحتی مقامات کھولے جا رہے ہیں جس میں شانگلہ کے بھی تین علاقے شامل کیے گئے ہیں ان مقامات تک سہولیات فراہم کرنے پر عملدرآمد جلد شروع ہوگا۔ صوبائی وزیر نے کہا کہ صوبائی حکومت کی طرف سے منظور شدہ فنڈ سے ضلع شانگلہ میں سڑکوں اور راستوں کی تعمیر و مرمت کی جائے گی ذریعے ترمیمی رولز کو نافذ کر دیا جائیگا۔ دستیاب ترمیمی رولز کے مسودے کے مطابق کمشنر رولز میں 6 مزید شقیں شامل کی جا رہی ہیں جس کے تحت شپنگ کمپنیوں اور شپنگ ایجنٹس کو بین الاقوامی نقل و حمل کی سہولیات حاصل کرنے کیلئے بندرگاہوں پر لائے جانے والے سامان کی بروقت ترسیل کو یقینی بنانے کیلئے فنانشل گارنٹی فراہم کرنا ہوگی۔ کہ منگل کے روز چیف آف آرمی سٹاف جنرل قمر جاوید باجوہ کی زیر صدارت جی ایچ کیو میں طویل دورانیے پر محیط کور کمانڈرز کانفرنس ہوئی تھی لیکن کور کمانڈرز کانفرنس کا اعلامیہ جاری نہیں کیا گیا میڈیکل ایجوکیشن
روزنامہ اکثریت 17	بقیہ نمبر
ذریعے ترمیمی رولز کو نافذ کر دیا جائیگا۔ دستیاب ترمیمی رولز کے مسودے کے مطابق کمشنر رولز میں 6 مزید شقیں شامل کی جا رہی ہیں جس کے تحت شپنگ کمپنیوں اور شپنگ ایجنٹس کو بین الاقوامی نقل و حمل کی سہولیات حاصل کرنے کیلئے بندرگاہوں پر لائے جانے والے سامان کی بروقت ترسیل کو یقینی بنانے کیلئے فنانشل گارنٹی فراہم کرنا ہوگی۔ رقبے پر 31 مساجد، دو کنال رقبے پر سکولوں کیلئے 31 پلاٹ، 10 کنال رقبے پر ایک کالج، 31 ڈسپنسریاں جو کہ ہر ایک ڈسپنسری ایک کنال رقبے پر محیط ہوگی جبکہ ہاؤسنگ سوسائٹی میں 10 کنال
روزنامہ اکثریت 18	بقیہ نمبر
رقبے پر 31 مساجد، دو کنال رقبے پر سکولوں کیلئے 31 پلاٹ، 10 کنال رقبے پر ایک کالج، 31 ڈسپنسریاں جو کہ ہر ایک ڈسپنسری ایک کنال رقبے پر محیط ہوگی جبکہ ہاؤسنگ سوسائٹی میں 10 کنال رقبے پر ایک ہسپتال بھی تعمیر کیا جائے گا۔ وزیر اعلیٰ کو بتایا گیا کہ 100 کنال رقبے پر محیط ایک میگا پارک کی تعمیر اور 16 کنال کے رقبے پر کمیونٹی سینٹرز بھی ہاؤسنگ سوسائٹی کا حصہ ہوں گے۔ ہے۔ انہوں نے ہدایت کی ہے کہ آئمہ کا تعین اور وظائف کا اجراء متعلقہ اسسٹنٹ
سیاحتی مقامات کھولے جا رہے ہیں جس میں شانگلہ کے بھی تین علاقے شامل کیے گئے ہیں ان مقامات تک سہولیات فراہم کرنے پر عملدرآمد جلد شروع ہوگا۔ صوبائی وزیر نے کہا کہ صوبائی حکومت کی طرف سے منظور شدہ فنڈ سے ضلع شانگلہ میں سڑکوں اور راستوں کی تعمیر و مرمت کی جائے گی ذریعے ترمیمی رولز کو نافذ کر دیا جائیگا۔ دستیاب ترمیمی رولز کے مسودے کے مطابق کمشنر رولز میں 6 مزید شقیں شامل کی جا رہی ہیں جس کے تحت شپنگ کمپنیوں اور شپنگ ایجنٹس کو بین الاقوامی نقل و حمل کی سہولیات حاصل کرنے کیلئے بندرگاہوں پر لائے جانے والے سامان کی بروقت ترسیل کو یقینی بنانے کیلئے فنانشل گارنٹی فراہم کرنا ہوگی۔ کہ منگل کے روز چیف آف آرمی سٹاف جنرل قمر جاوید باجوہ کی زیر صدارت جی ایچ کیو میں طویل دورانیے پر محیط کور کمانڈرز کانفرنس ہوئی تھی لیکن کور کمانڈرز کانفرنس کا اعلامیہ جاری نہیں کیا گیا میڈیکل ایجوکیشن
روزنامہ اکثریت 19	بقیہ نمبر
ذریعے ترمیمی رولز کو نافذ کر دیا جائیگا۔ دستیاب ترمیمی رولز کے مسودے کے مطابق کمشنر رولز میں 6 مزید شقیں شامل کی جا رہی ہیں جس کے تحت شپنگ کمپنیوں اور شپنگ ایجنٹس کو بین الاقوامی نقل و حمل کی سہولیات حاصل کرنے کیلئے بندرگاہوں پر لائے جانے والے سامان کی بروقت ترسیل کو یقینی بنانے کیلئے فنانشل گارنٹی فراہم کرنا ہوگی۔ کہ منگل کے روز چیف آف آرمی سٹاف جنرل قمر جاوید باجوہ کی زیر صدارت جی ایچ کیو میں طویل دورانیے پر محیط کور کمانڈرز کانفرنس ہوئی تھی لیکن کور کمانڈرز کانفرنس کا اعلامیہ جاری نہیں کیا گیا میڈیکل ایجوکیشن شامل ہیں، کمیٹی
روزنامہ اکثریت 20	بقیہ نمبر
رقبے پر 31 مساجد، دو کنال رقبے پر سکولوں کیلئے 31 پلاٹ، 10 کنال رقبے پر ایک کالج، 31 ڈسپنسریاں جو کہ ہر ایک ڈسپنسری ایک کنال رقبے پر محیط ہوگی جبکہ ہاؤسنگ سوسائٹی میں 10 کنال رقبے پر ایک ہسپتال بھی تعمیر کیا جائے گا۔ وزیر اعلیٰ کو بتایا گیا کہ 100 کنال رقبے پر محیط ایک میگا پارک کی تعمیر اور 16 کنال کے رقبے پر کمیونٹی سینٹرز بھی ہاؤسنگ سوسائٹی کا حصہ ہوں گے۔ ہے۔ انہوں نے ہدایت کی ہے کہ آئمہ کا تعین اور وظائف کا اجراء متعلقہ اسسٹنٹ کمشنر کے ذریعے کی جائے گی۔ وزیر اعلیٰ کا محکمہ اوقاف کے تحت صوبے میں سرکاری اراضی کو قبضہ مافیا سے جلد از جلد واگزار کرانے کی ہدایت کی ہے۔ وزیر اعلیٰ کا کہنا تھا کہ صوبائی حکومت نے معاشرے کے کمزور طبقے کو اوپر لانا ہے۔ کہ منگل کے روز چیف آف آرمی سٹاف جنرل قمر جاوید باجوہ کی زیر صدارت جی ایچ کیو میں طویل دورانیے پر محیط کور کمانڈرز کانفرنس ہوئی تھی لیکن کور کمانڈرز کانفرنس کا اعلامیہ جاری نہیں کیا گیا میڈیکل ایجوکیشن شامل ہیں، کمیٹی
روزنامہ اکثریت 21	بقیہ نمبر
ہے۔ انہوں نے ہدایت کی ہے کہ آئمہ کا تعین اور وظائف کا اجراء متعلقہ اسسٹنٹ کمشنر کے ذریعے کی جائے گی۔ وزیر اعلیٰ کا محکمہ اوقاف کے تحت صوبے میں سرکاری اراضی کو قبضہ مافیا سے جلد از جلد واگزار کرانے کی ہدایت کی ہے۔ وزیر اعلیٰ کا کہنا تھا کہ صوبائی حکومت نے معاشرے کے کمزور طبقے کو اوپر لانا ہے۔
کہ منگل کے روز چیف آف آرمی سٹاف جنرل قمر جاوید باجوہ کی زیر صدارت جی ایچ کیو میں طویل دورانیے پر محیط کور کمانڈرز کانفرنس ہوئی تھی لیکن کور کمانڈرز کانفرنس کا اعلامیہ جاری نہیں کیا گیا میڈیکل ایجوکیشن شامل ہیں، کمیٹی
روزنامہ اکثریت 22	بقیہ نمبر
رقبے پر 31 مساجد، دو کنال رقبے پر سکولوں کیلئے 31 پلاٹ، 10 کنال رقبے پر ایک کالج، 31 ڈسپنسریاں جو کہ ہر ایک ڈسپنسری ایک کنال رقبے پر محیط ہوگی جبکہ ہاؤسنگ سوسائٹی میں 10 کنال رقبے پر ایک ہسپتال بھی تعمیر کیا جائے گا۔ وزیر اعلیٰ کو بتایا گیا کہ 100 کنال رقبے پر محیط ایک میگا پارک کی تعمیر اور 16 کنال کے رقبے پر کمیونٹی سینٹرز بھی ہاؤسنگ سوسائٹی کا حصہ ہوں گے۔ کہ منگل کے روز چیف آف آرمی سٹاف جنرل قمر جاوید باجوہ کی زیر صدارت جی ایچ کیو میں طویل دورانیے پر محیط کور کمانڈرز کانفرنس ہوئی تھی لیکن کور کمانڈرز کانفرنس کا اعلامیہ جاری نہیں کیا گیا میڈیکل ایجوکیشن شامل ہیں، کمیٹی
روزنامہ اکثریت 23	بقیہ نمبر
ہے۔ انہوں نے ہدایت کی ہے کہ آئمہ کا تعین اور وظائف کا اجراء متعلقہ اسسٹنٹ کمشنر کے ذریعے کی جائے گی۔ وزیر اعلیٰ کا محکمہ اوقاف کے تحت صوبے میں سرکاری اراضی کو قبضہ مافیا سے جلد از جلد واگزار کرانے کی ہدایت کی ہے۔ وزیر اعلیٰ کا کہنا تھا کہ صوبائی حکومت نے معاشرے کے کمزور طبقے کو اوپر لانا ہے۔
mk/nsr
روزنامہ اکثریت 24	بقیہ نمبر
کہ منگل کے روز چیف آف آرمی سٹاف جنرل قمر جاوید باجوہ کی زیر صدارت جی ایچ کیو میں طویل دورانیے پر محیط کور کمانڈرز کانفرنس ہوئی تھی لیکن کور کمانڈرز کانفرنس کا اعلامیہ جاری نہیں کیا
روزنامہ اکثریت 25	بقیہ نمبر
میڈیکل ایجوکیشن شامل ہیں، کمیٹی وکلا کی ہنگامہ آرائی اور توڑ پھوڑ کے واقعہ کی انکوائری کر کے رپورٹ وزیر اعلیٰ کو پیش کرے گی۔ ڈاکٹرز کا احتجاج کا اعلان؛ پنجاب انسٹیٹیوٹ آف کارڈیالوجی میں وکلا کی جانب سے ڈاکٹرز اور مریضوں پر تشدد کے خلاف ینگ ڈاکٹرز نے کل سے او پی ڈیز بند کرنے کا اعلان کر دیا ہے۔ نہیں کیا جو افسوس کی بات ہے تاہم یہ عمل موجودہ حکمرانوں کیلئے مہنگا پڑے گا۔ گوہر انقلابی نے کہا کہ 27 دسمبر کو ہونے والی بی بی شہید کی برسی تقریب کیلئے پختونخوا سے قافلے بھرپور انداز میں لیاقت باغ راولپنڈی کیلئے روانہ ہوں گے سیاحتی مقامات کھولے جا رہے ہیں جس میں شانگلہ کے بھی تین علاقے شامل کیے گئے ہیں ان مقامات تک سہولیات فراہم کرنے پر عملدرآمد جلد شروع ہوگا۔ صوبائی وزیر نے کہا کہ صوبائی حکومت کی طرف سے منظور شدہ فنڈ سے ضلع شانگلہ میں سڑکوں اور راستوں کی تعمیر و مرمت کی جائے گی ہے۔ انہوں نے ہدایت کی ہے کہ آئمہ کا تعین اور وظائف کا اجراء متعلقہ اسسٹنٹ کمشنر کے ذریعے کی جائے گی۔ وزیر اعلیٰ کا محکمہ اوقاف کے تحت صوبے میں سرکاری اراضی کو قبضہ مافیا سے جلد از جلد واگزار کرانے کی ہدایت کی ہے۔ وزیر اعلیٰ کا کہنا تھا کہ صوبائی حکومت نے معاشرے کے کمزور طبقے کو اوپر لانا ہے۔ اطلاعات پنجاب فیاض الحسن
رقبے پر 31 مساجد، دو کنال رقبے پر سکولوں کیلئے 31 پلاٹ، 10 کنال رقبے پر ایک کالج، 31 ڈسپنسریاں جو کہ ہر ایک ڈسپنسری ایک کنال رقبے پر محیط ہوگی جبکہ ہاؤسنگ سوسائٹی میں 10 کنال رقبے پر ایک ہسپتال بھی تعمیر کیا جائے گا۔ وزیر اعلیٰ کو بتایا گیا کہ 100 کنال رقبے پر محیط ایک میگا پارک کی تعمیر اور 16 کنال کے رقبے پر کمیونٹی سینٹرز بھی ہاؤسنگ سوسائٹی کا حصہ ہوں گے۔ ہے۔ انہوں نے ہدایت کی ہے کہ آئمہ کا تعین اور وظائف کا اجراء متعلقہ اسسٹنٹ
روزنامہ اکثریت 26	بقیہ نمبر
ہے۔ انہوں نے ہدایت کی ہے کہ آئمہ کا تعین اور وظائف کا اجراء متعلقہ اسسٹنٹ کمشنر کے ذریعے کی جائے گی۔ وزیر اعلیٰ کا محکمہ اوقاف کے تحت صوبے میں سرکاری اراضی کو قبضہ مافیا سے جلد از جلد واگزار کرانے کی ہدایت کی ہے۔ وزیر اعلیٰ کا کہنا تھا کہ صوبائی حکومت نے معاشرے کے کمزور طبقے کو اوپر لانا ہے۔ اطلاعات پنجاب فیاض الحسن چوہان پر پی آئی سی کے باہر صوبائی وزیر فیاض الحسن چوہان پر تشدد کیا گیا ہے۔ وکلا نے فیاض الحسن چوہان کو بالوں سے پکڑ لیا اور نوچنے کی کوشش کی۔ فیاض الحسن چوہان نے کہا ہے کہ مجھے اغوا کرنے کی کوشش کی گئی۔ کہ منگل کے روز چیف آف آرمی سٹاف جنرل قمر جاوید باجوہ کی زیر صدارت جی ایچ کیو میں طویل دورانیے پر محیط کور کمانڈرز کانفرنس ہوئی تھی لیکن کور کمانڈرز کانفرنس کا اعلامیہ جاری نہیں کیا گیا میڈیکل ایجوکیشن شامل ہیں، کمیٹی وکلا کی ہنگامہ آرائی اور توڑ پھوڑ کے واقعہ کی انکوائری کر کے رپورٹ وزیر اعلیٰ کو پیش کرے گی۔ ڈاکٹرز کا احتجاج کا اعلان؛ پنجاب انسٹیٹیوٹ آف کارڈیالوجی میں وکلا کی جانب سے ڈاکٹرز اور مریضوں پر تشدد کے خلاف ینگ ڈاکٹرز نے کل سے او پی ڈیز بند کرنے کا اعلان کر دیا ہے۔ نہیں کیا جو افسوس کی بات ہے تاہم یہ عمل موجودہ حکمرانوں کیلئے مہنگا پڑے گا۔ گوہر انقلابی نے کہا کہ 27 دسمبر کو ہونے والی بی بی شہید کی برسی تقریب کیلئے پختونخوا سے قافلے بھرپور انداز میں لیاقت باغ راولپنڈی کیلئے روانہ ہوں گے سیاحتی مقامات کھولے جا رہے ہیں جس میں شانگلہ کے بھی تین علاقے شامل کیے گئے ہیں ان مقامات تک سہولیات فراہم کرنے پر عملدرآمد جلد شروع ہوگا۔ صوبائی وزیر نے کہا کہ صوبائی حکومت کی طرف سے منظور شدہ فنڈ سے ضلع شانگلہ میں سڑکوں اور راستوں کی تعمیر و مرمت کی جائے گی ذریعے ترمیمی رولز کو نافذ کر دیا جائیگا۔ دستیاب ترمیمی رولز کے مسودے کے مطابق کمشنر رولز میں 6 مزید شقیں شامل کی جا رہی ہیں جس کے تحت شپنگ کمپنیوں اور شپنگ ایجنٹس کو بین الاقوامی نقل و حمل کی سہولیات حاصل کرنے کیلئے بندرگاہوں پر لائے جانے والے سامان کی بروقت ترسیل کو یقینی بنانے کیلئے فنانشل گارنٹی فراہم کرنا ہوگی۔ رقبے پر 31 مساجد، دو کنال رقبے پر سکولوں کیلئے 31 پلاٹ، 10 کنال رقبے پر ایک کالج، 31 ڈسپنسریاں جو کہ ہر ایک ڈسپنسری ایک کنال رقبے پر محیط ہوگی جبکہ ہاؤسنگ سوسائٹی میں 10 کنال رقبے پر ایک ہسپتال بھی تعمیر کیا جائے گا۔ وزیر اعلیٰ کو بتایا گیا کہ 100 کنال رقبے پر محیط ایک میگا پارک کی تعمیر اور 16 کنال کے رقبے پر کمیونٹی سینٹرز بھی ہاؤسنگ سوسائٹی کا حصہ ہوں گے۔ ہے۔ انہوں نے ہدایت کی ہے کہ آئمہ کا تعین اور وظائف کا اجراء متعلقہ اسسٹنٹ کمشنر کے ذریعے کی جائے گی۔ وزیر اعلیٰ کا محکمہ اوقاف کے تحت صوبے میں
